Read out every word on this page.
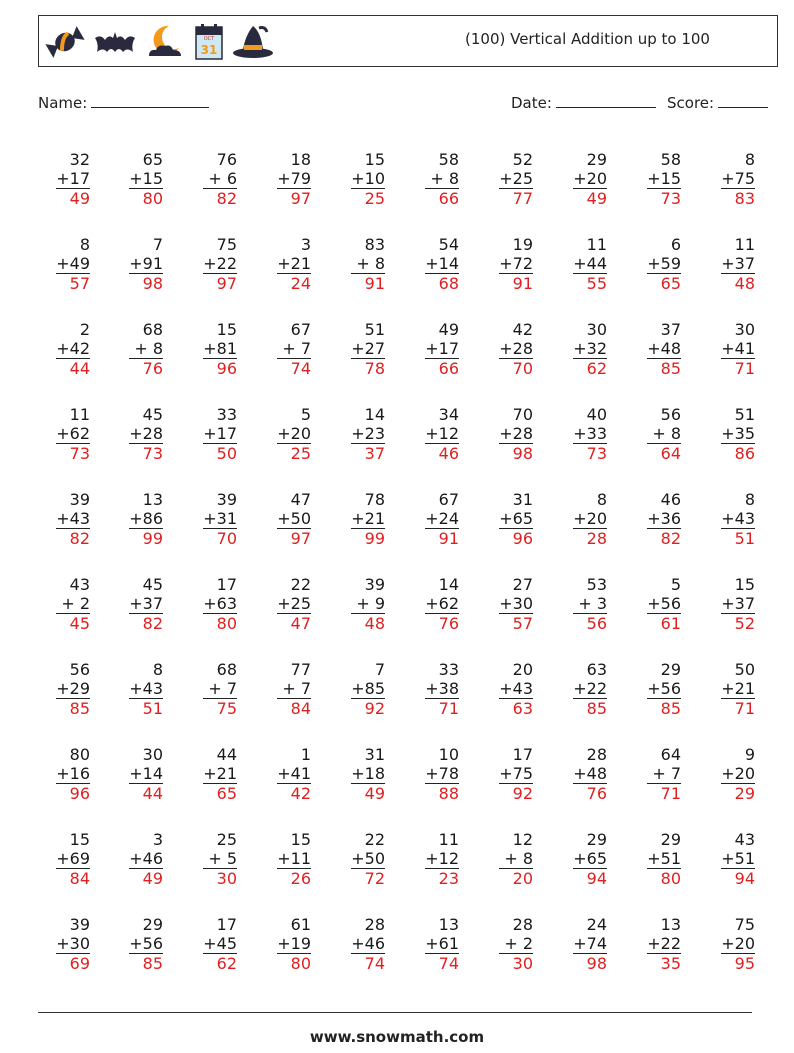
OCT
31
(100) Vertical Addition up to 100
Name:	Date:	Score:
32
+17
49
65
+15
80
76
+ 6
82
18
+79
97
15
+10
25
58
+ 8
66
52
+25
77
29
+20
49
58
+15
73
8
+75
83
8
+49
57
7
+91
98
75
+22
97
3
+21
24
83
+ 8
91
54
+14
68
19
+72
91
11
+44
55
6
+59
65
11
+37
48
2
+42
44
68
+ 8
76
15
+81
96
67
+ 7
74
51
+27
78
49
+17
66
42
+28
70
30
+32
62
37
+48
85
30
+41
71
11
+62
73
45
+28
73
33
+17
50
5
+20
25
14
+23
37
34
+12
46
70
+28
98
40
+33
73
56
+ 8
64
51
+35
86
39
+43
82
13
+86
99
39
+31
70
47
+50
97
78
+21
99
67
+24
91
31
+65
96
8
+20
28
46
+36
82
8
+43
51
43
+ 2
45
45
+37
82
17
+63
80
22
+25
47
39
+ 9
48
14
+62
76
27
+30
57
53
+ 3
56
5
+56
61
15
+37
52
56
+29
85
8
+43
51
68
+ 7
75
77
+ 7
84
7
+85
92
33
+38
71
20
+43
63
63
+22
85
29
+56
85
50
+21
71
80
+16
96
30
+14
44
44
+21
65
1
+41
42
31
+18
49
10
+78
88
17
+75
92
28
+48
76
64
+ 7
71
9
+20
29
15
+69
84
3
+46
49
25
+ 5
30
15
+11
26
22
+50
72
11
+12
23
12
+ 8
20
29
+65
94
29
+51
80
43
+51
94
39
+30
69
29
+56
85
17
+45
62
61
+19
80
28
+46
74
13
+61
74
28
+ 2
30
24
+74
98
13
+22
35
75
+20
95
www.snowmath.com
